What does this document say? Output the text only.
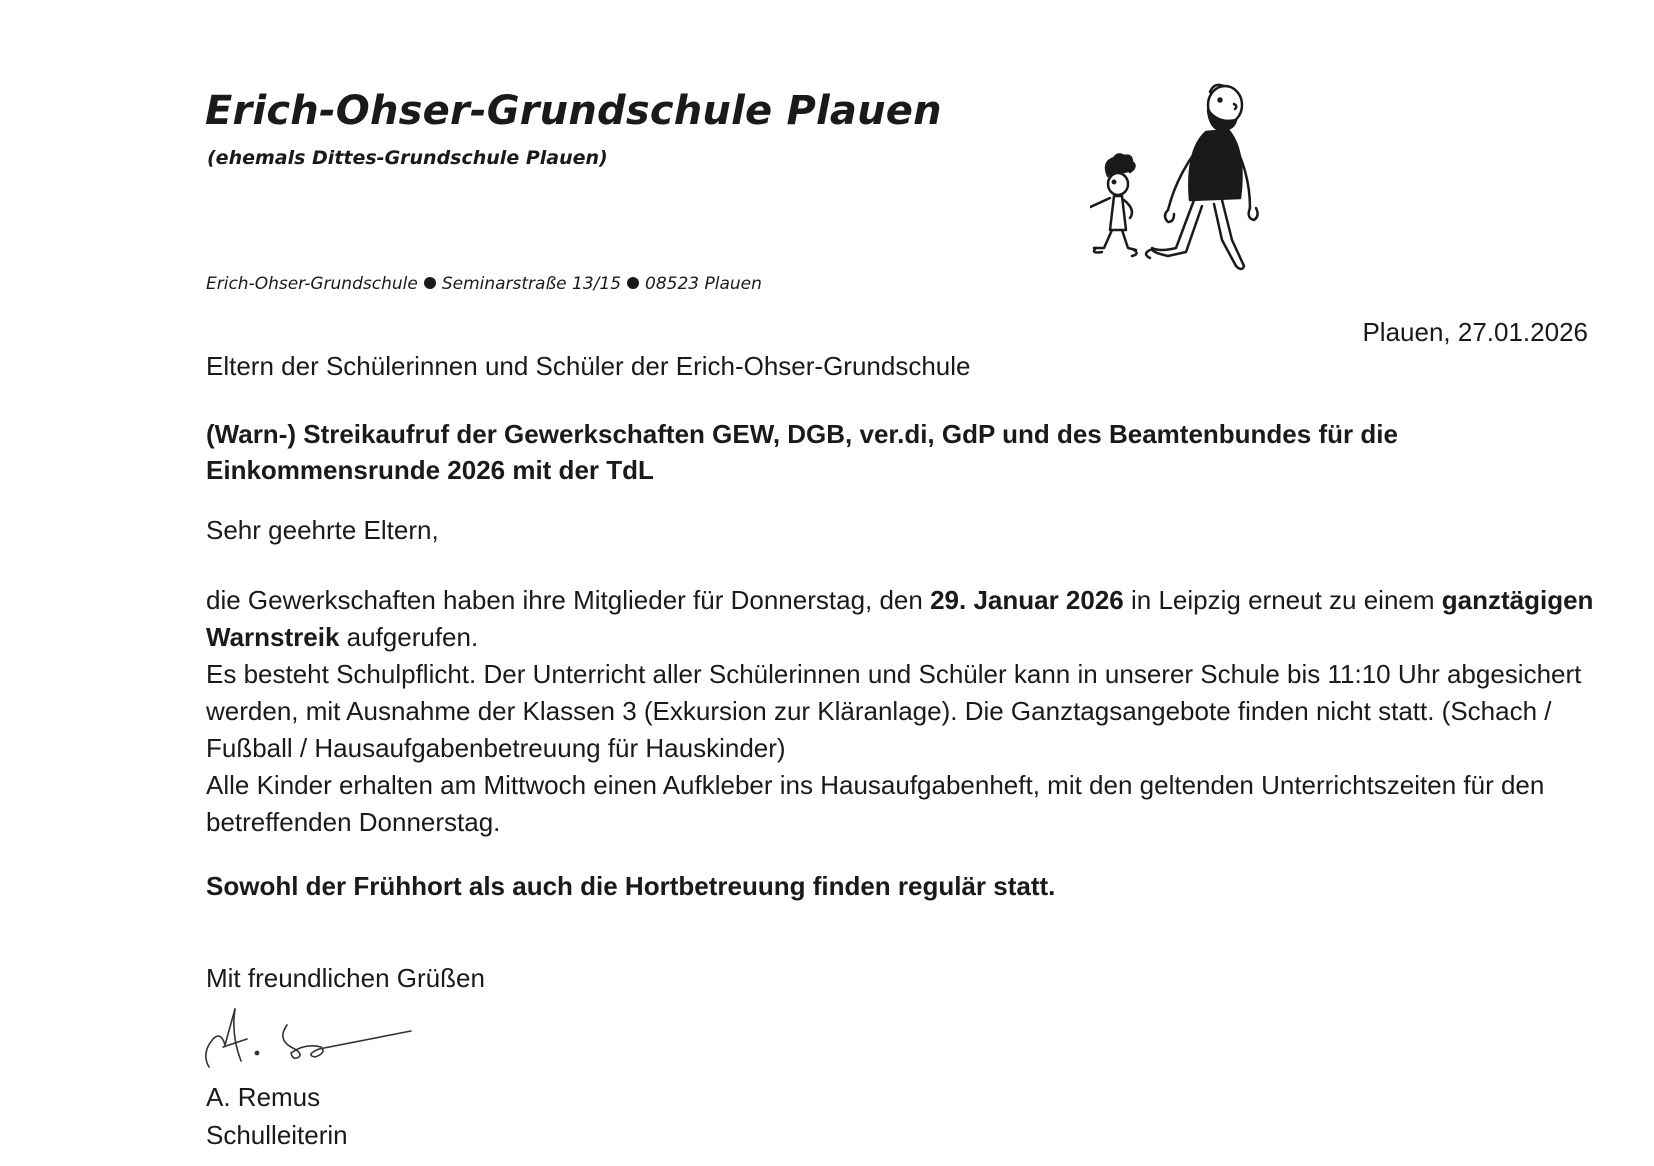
Erich-Ohser-Grundschule Plauen
(ehemals Dittes-Grundschule Plauen)
Erich-Ohser-Grundschule Seminarstraße 13/15 08523 Plauen
Plauen, 27.01.2026
Eltern der Schülerinnen und Schüler der Erich-Ohser-Grundschule
(Warn-) Streikaufruf der Gewerkschaften GEW, DGB, ver.di, GdP und des Beamtenbundes für die
Einkommensrunde 2026 mit der TdL
Sehr geehrte Eltern,

die Gewerkschaften haben ihre Mitglieder für Donnerstag, den 29. Januar 2026 in Leipzig erneut zu einem ganztägigen Warnstreik aufgerufen.

Es besteht Schulpflicht. Der Unterricht aller Schülerinnen und Schüler kann in unserer Schule bis 11:10 Uhr abgesichert werden, mit Ausnahme der Klassen 3 (Exkursion zur Kläranlage). Die Ganztagsangebote finden nicht statt. (Schach / Fußball / Hausaufgabenbetreuung für Hauskinder)

Alle Kinder erhalten am Mittwoch einen Aufkleber ins Hausaufgabenheft, mit den geltenden Unterrichtszeiten für den betreffenden Donnerstag.

Sowohl der Frühhort als auch die Hortbetreuung finden regulär statt.
Mit freundlichen Grüßen
A. Remus
Schulleiterin
